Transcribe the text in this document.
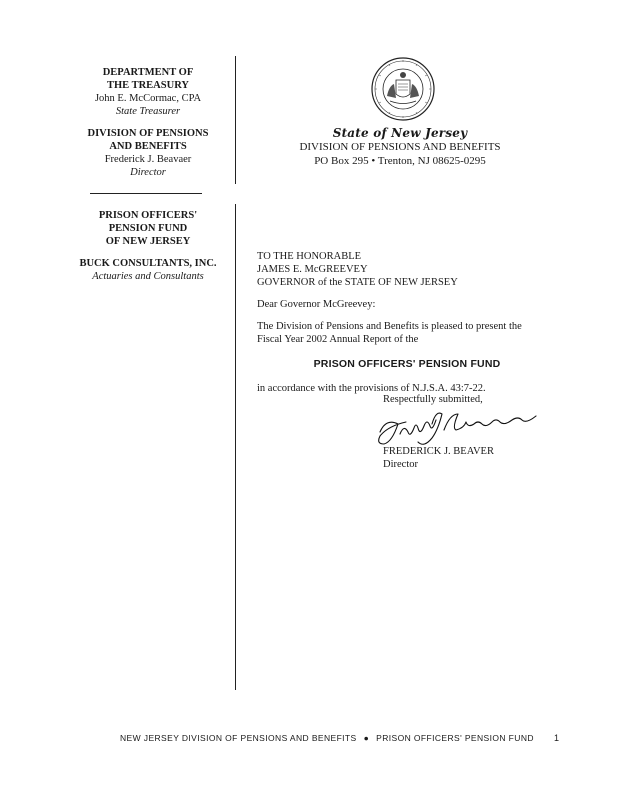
DEPARTMENT OF
THE TREASURY
John E. McCormac, CPA
State Treasurer
DIVISION OF PENSIONS
AND BENEFITS
Frederick J. Beavaer
Director
PRISON OFFICERS'
PENSION FUND
OF NEW JERSEY
BUCK CONSULTANTS, INC.
Actuaries and Consultants
State of New Jersey
DIVISION OF PENSIONS AND BENEFITS
PO Box 295 • Trenton, NJ 08625-0295

TO THE HONORABLE

JAMES E. McGREEVEY

GOVERNOR of the STATE OF NEW JERSEY

Dear Governor McGreevey:

The Division of Pensions and Benefits is pleased to present the

Fiscal Year 2002 Annual Report of the

PRISON OFFICERS' PENSION FUND

in accordance with the provisions of N.J.S.A. 43:7-22.

Respectfully submitted,
FREDERICK J. BEAVER
Director
NEW JERSEY DIVISION OF PENSIONS AND BENEFITS ● PRISON OFFICERS' PENSION FUND 1
